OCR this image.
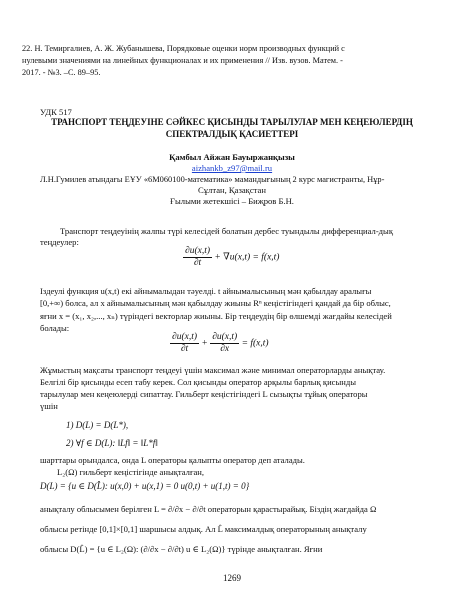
22. Н. Темиргалиев, А. Ж. Жубанышева, Порядковые оценки норм производных функций с
нулевыми значениями на линейных функционалах и их применения // Изв. вузов. Матем. -
2017. - №3. –С. 89–95.
УДК 517
ТРАНСПОРТ ТЕҢДЕУІНЕ СӘЙКЕС ҚИСЫНДЫ ТАРЫЛУЛАР МЕН КЕҢЕЮЛЕРДІҢ
СПЕКТРАЛДЫҚ ҚАСИЕТТЕРІ
Қамбыл Айжан Бауыржанқызы
aizhankb_z97@mail.ru
Л.Н.Гумилев атындағы ЕҰУ «6M060100-математика» мамандығының 2 курс магистранты, Нұр-
Сұлтан, Қазақстан
Ғылыми жетекшісі – Биҗров Б.Н.
Транспорт теңдеуінің жалпы түрі келесідей болатын дербес туындылы дифференциал-дық
теңдеулер:
$\frac{\partial u(x,t)}{\partial t} + \nabla u(x,t) = f(x,t)$
Іздеулі функция u(x,t) екі айнымалыдан тәуелді. t айнымалысының мән қабылдау аралығы
[0,+∞) болса, ал x айнымалысының мән қабылдау жиыны Rⁿ кеңістігіндегі қандай да бір облыс,
яғни x = (x₁, x₂,..., xₙ) түріндегі векторлар жиыны. Бір теңдеудің бір өлшемді жағдайы келесідей
болады:
$\frac{\partial u(x,t)}{\partial t} + \frac{\partial u(x,t)}{\partial x} = f(x,t)$
Жұмыстың мақсаты транспорт теңдеуі үшін максимал және минимал операторларды анықтау.
Белгілі бір қисынды есеп табу керек. Сол қисынды оператор арқылы барлық қисынды
тарылулар мен кеңеюлерді сипаттау. Гильберт кеңістігіндегі L сызықты тұйық операторы
үшін
1) D(L) = D(L*),
2) ∀f ∈ D(L): ‖Lf‖ = ‖L*f‖
шарттары орындалса, онда L операторы қалыпты оператор деп аталады.
L₂(Ω) гильберт кеңістігінде анықталған,
D(L) = {u ∈ D(L̂): u(x,0) + u(x,1) = 0 u(0,t) + u(1,t) = 0}
анықталу облысымен берілген L = ∂/∂x − ∂/∂t операторын қарастырайық. Біздің жағдайда Ω
облысы ретінде [0,1]×[0,1] шаршысы алдық. Ал L̂ максималдық операторының анықталу
облысы D(L̂) = {u ∈ L₂(Ω): (∂/∂x − ∂/∂t) u ∈ L₂(Ω)} түрінде анықталған. Яғни
1269
